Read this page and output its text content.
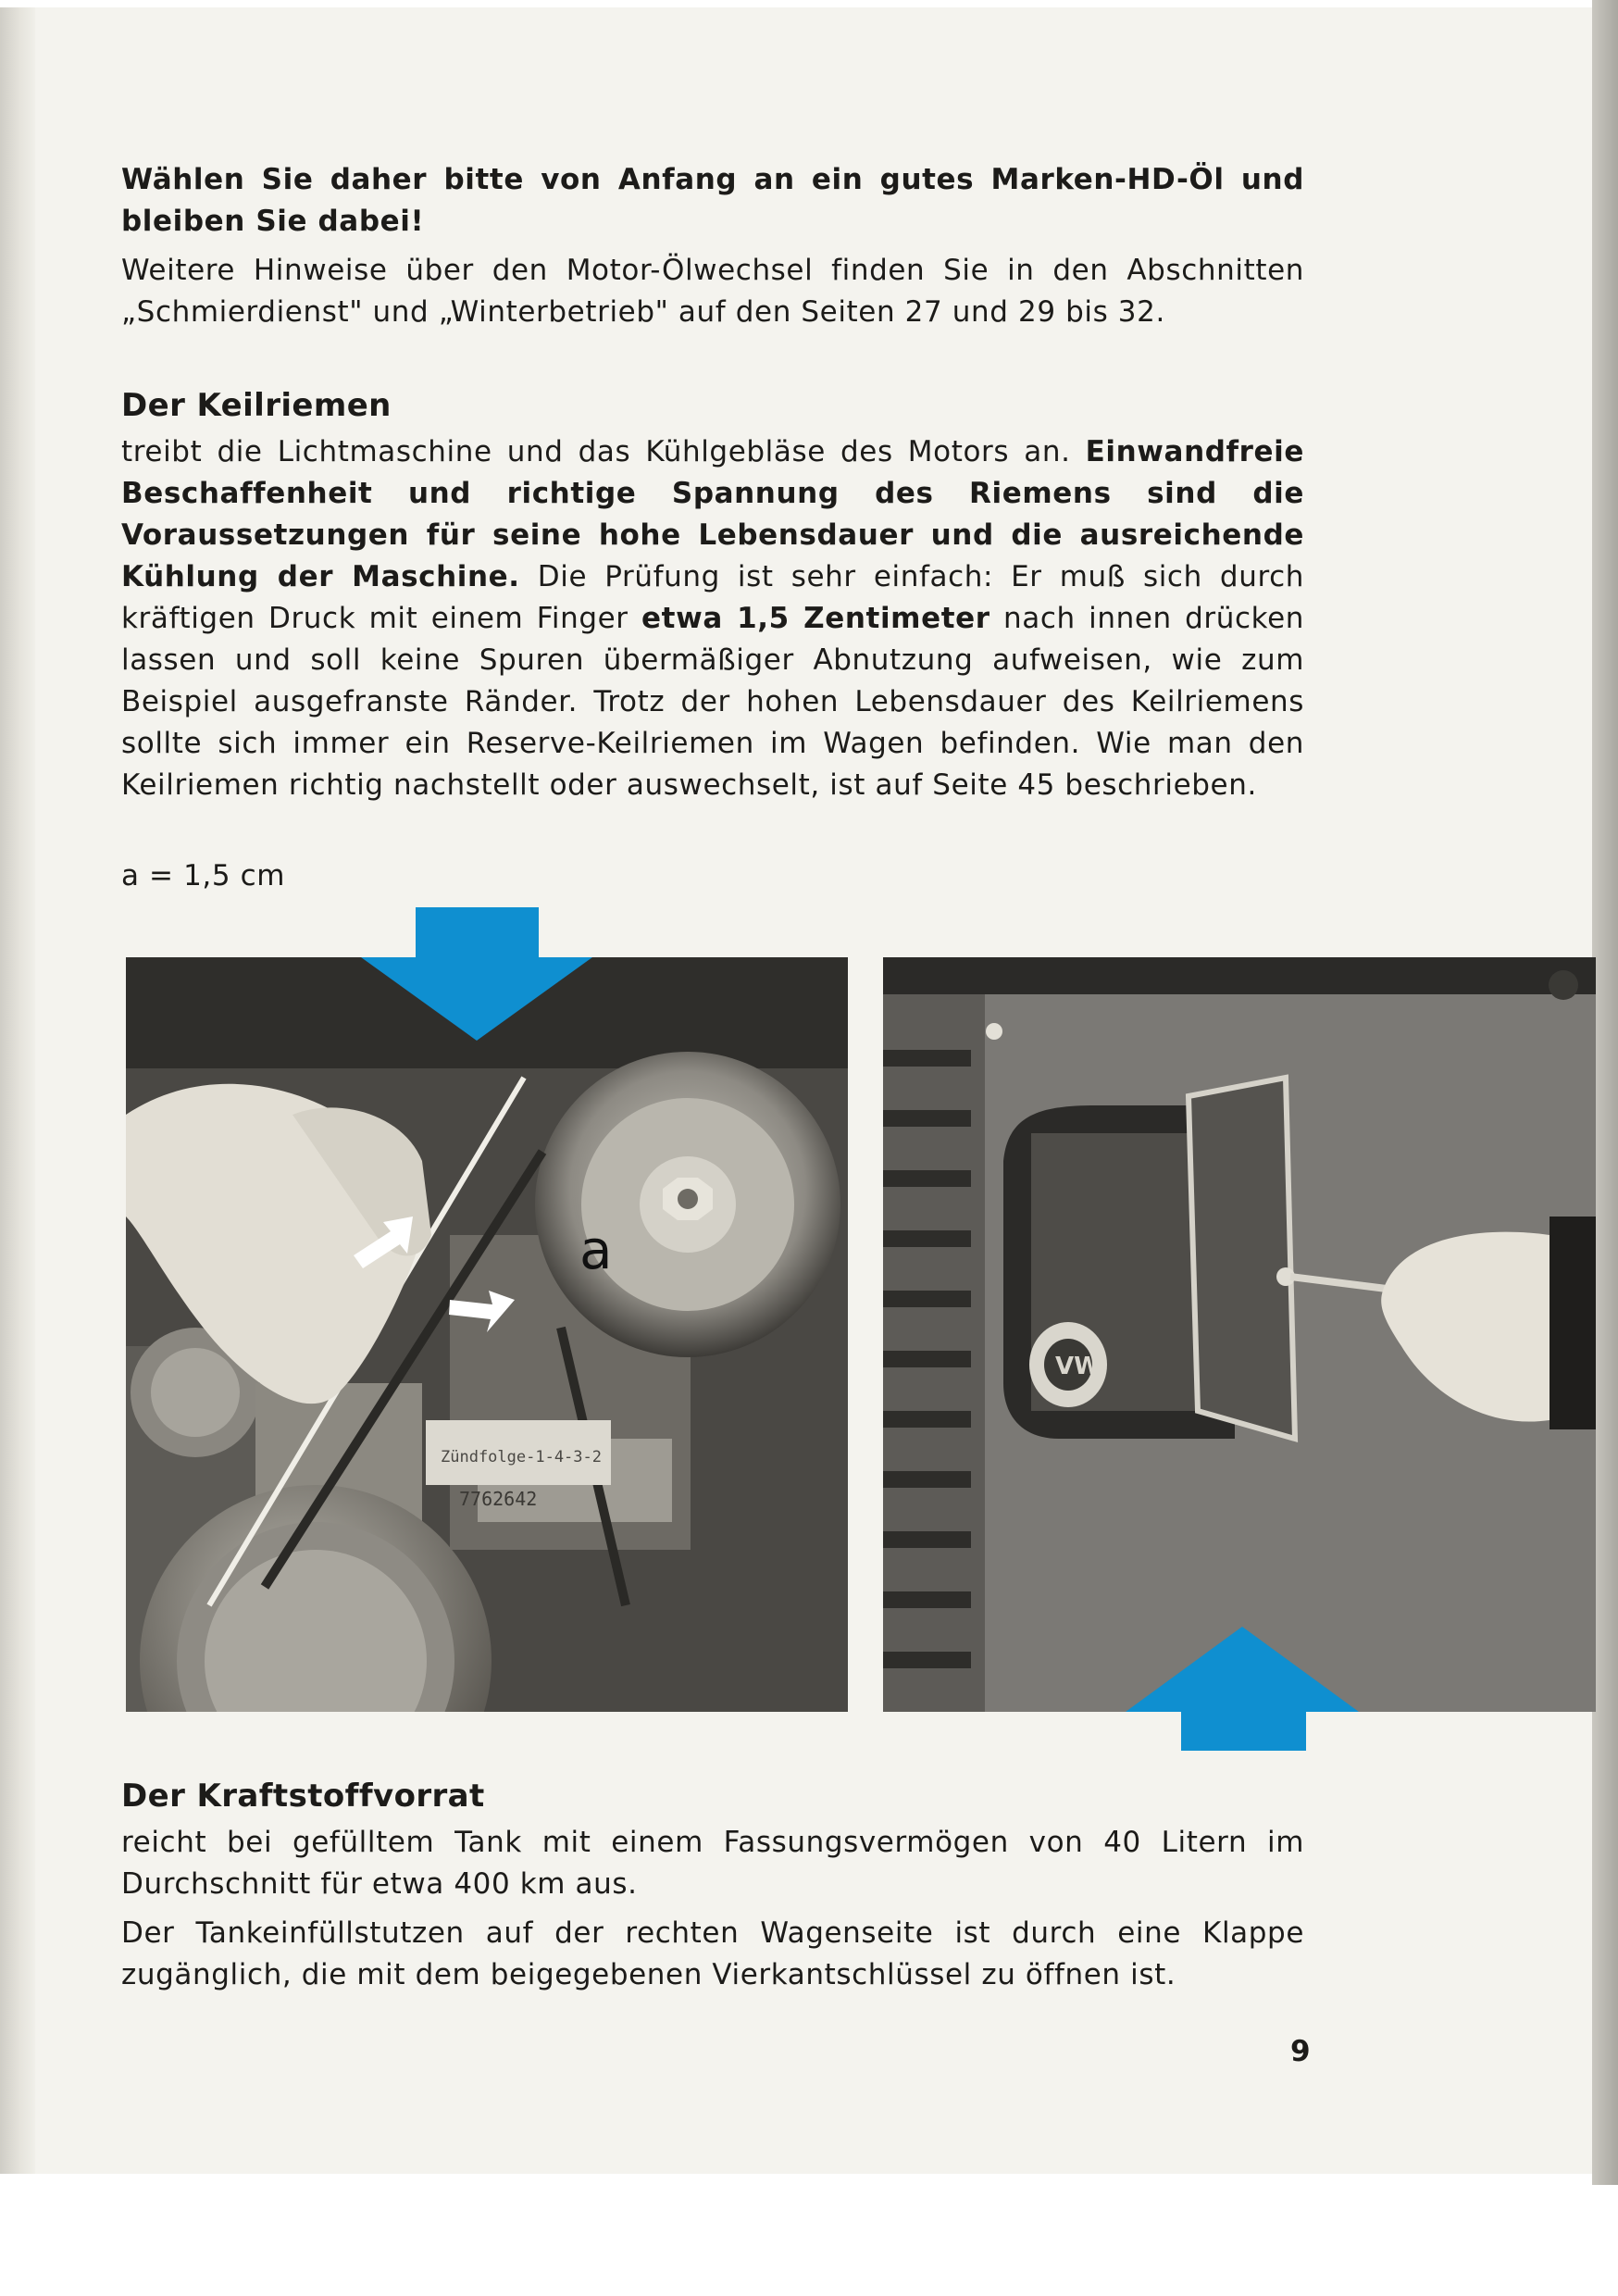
Wählen Sie daher bitte von Anfang an ein gutes Marken-HD-Öl und bleiben Sie dabei!

Weitere Hinweise über den Motor-Ölwechsel finden Sie in den Abschnitten „Schmierdienst" und „Winterbetrieb" auf den Seiten 27 und 29 bis 32.

Der Keilriemen

treibt die Lichtmaschine und das Kühlgebläse des Motors an. Einwandfreie Beschaffenheit und richtige Spannung des Riemens sind die Voraussetzungen für seine hohe Lebensdauer und die ausreichende Kühlung der Maschine. Die Prüfung ist sehr einfach: Er muß sich durch kräftigen Druck mit einem Finger etwa 1,5 Zentimeter nach innen drücken lassen und soll keine Spuren übermäßiger Abnutzung aufweisen, wie zum Beispiel ausgefranste Ränder. Trotz der hohen Lebensdauer des Keilriemens sollte sich immer ein Reserve-Keilriemen im Wagen befinden. Wie man den Keilriemen richtig nachstellt oder auswechselt, ist auf Seite 45 beschrieben.

a = 1,5 cm

Zündfolge-1-4-3-2
7762642
a
VW
Der Kraftstoffvorrat

reicht bei gefülltem Tank mit einem Fassungsvermögen von 40 Litern im Durchschnitt für etwa 400 km aus.

Der Tankeinfüllstutzen auf der rechten Wagenseite ist durch eine Klappe zugänglich, die mit dem beigegebenen Vierkantschlüssel zu öffnen ist.

9
